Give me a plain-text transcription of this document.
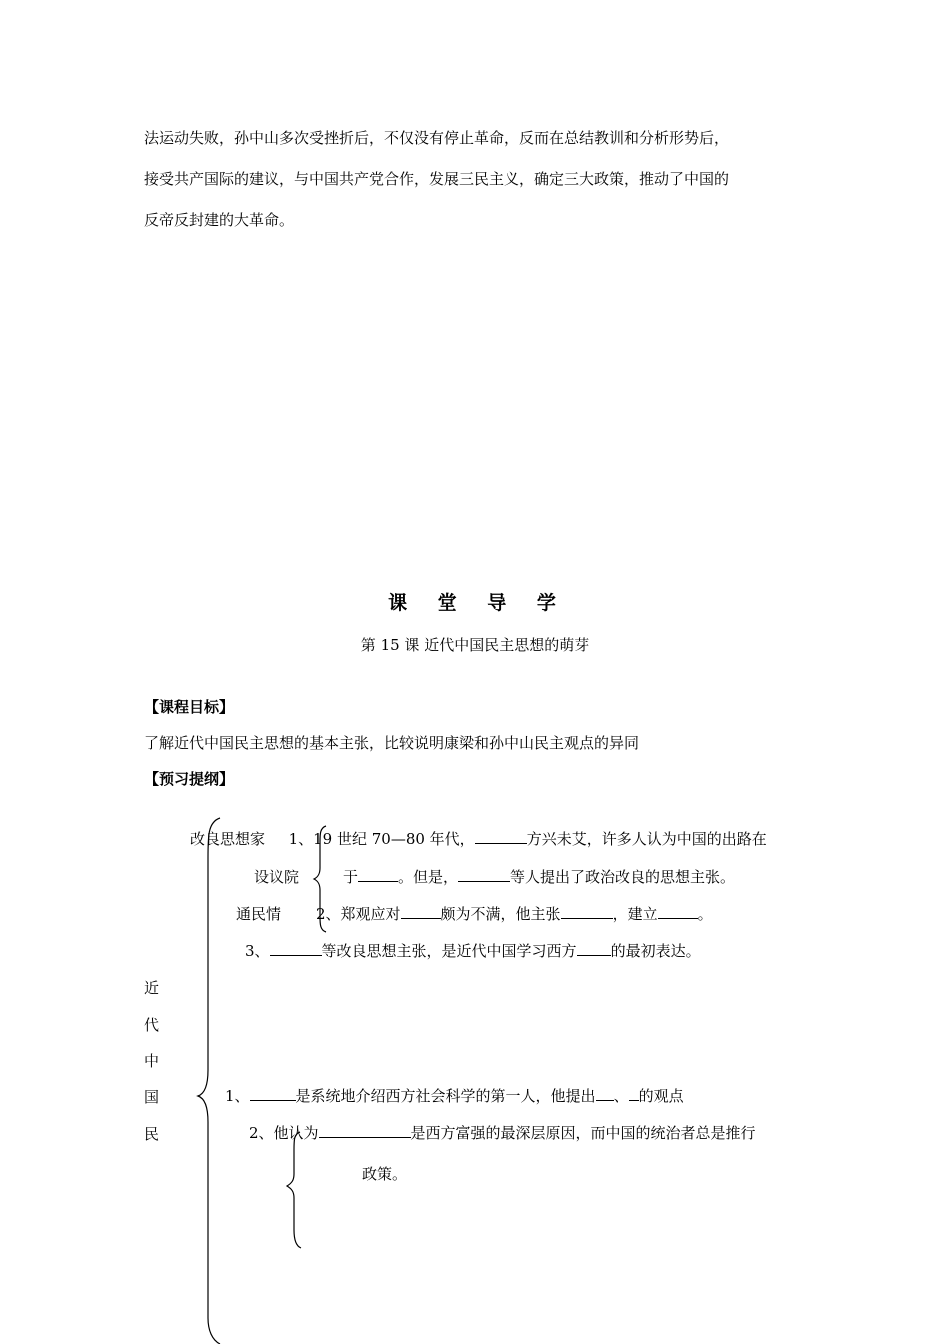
法运动失败，孙中山多次受挫折后，不仅没有停止革命，反而在总结教训和分析形势后，
接受共产国际的建议，与中国共产党合作，发展三民主义，确定三大政策，推动了中国的
反帝反封建的大革命。
课 堂 导 学
第 15 课 近代中国民主思想的萌芽
【课程目标】
了解近代中国民主思想的基本主张，比较说明康梁和孙中山民主观点的异同
【预习提纲】
改良思想家 1、19 世纪 70—80 年代，	方兴未艾，许多人认为中国的出路在
设议院	于	。但是，	等人提出了政治改良的思想主张。
通民情 2、郑观应对	颇为不满，他主张	，建立	。
3、	等改良思想主张，是近代中国学习西方 的最初表达。
近
代
中
国
民
1、	是系统地介绍西方社会科学的第一人，他提出 、 的观点
2、他认为	是西方富强的最深层原因，而中国的统治者总是推行
政策。
